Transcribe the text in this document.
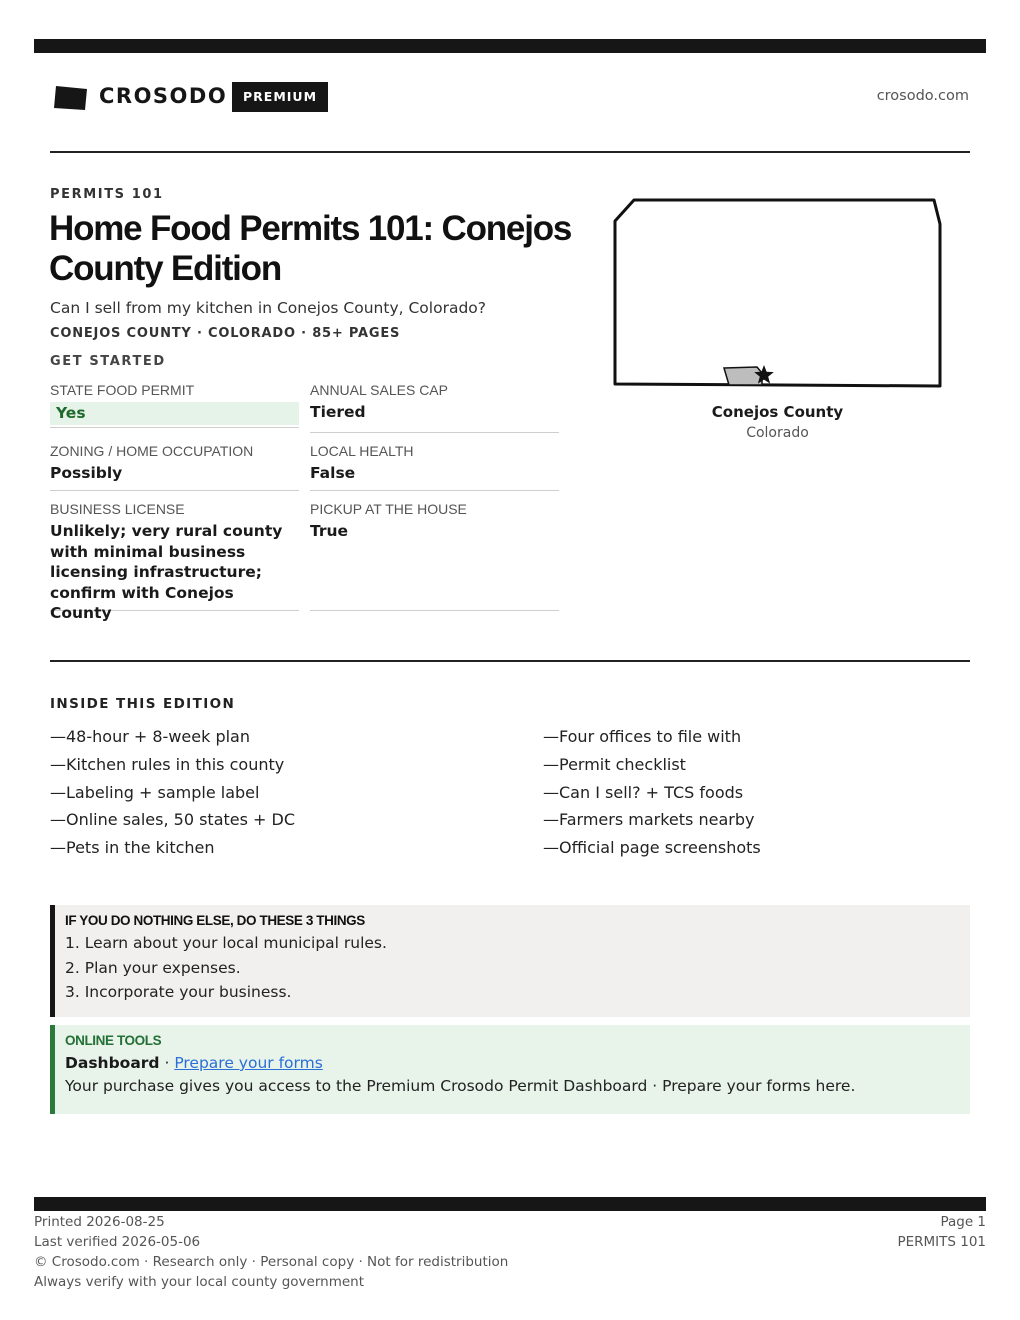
CROSODO	PREMIUM	crosodo.com
PERMITS 101
Home Food Permits 101: Conejos County Edition
Can I sell from my kitchen in Conejos County, Colorado?
CONEJOS COUNTY · COLORADO · 85+ PAGES
GET STARTED
STATE FOOD PERMIT
Yes
ANNUAL SALES CAP
Tiered
ZONING / HOME OCCUPATION
Possibly
LOCAL HEALTH
False
BUSINESS LICENSE
Unlikely; very rural county with minimal business licensing infrastructure; confirm with Conejos County
PICKUP AT THE HOUSE
True
Conejos County
Colorado
INSIDE THIS EDITION
—48-hour + 8-week plan
—Kitchen rules in this county
—Labeling + sample label
—Online sales, 50 states + DC
—Pets in the kitchen
—Four offices to file with
—Permit checklist
—Can I sell? + TCS foods
—Farmers markets nearby
—Official page screenshots
IF YOU DO NOTHING ELSE, DO THESE 3 THINGS
1. Learn about your local municipal rules.
2. Plan your expenses.
3. Incorporate your business.
ONLINE TOOLS
Dashboard · Prepare your forms
Your purchase gives you access to the Premium Crosodo Permit Dashboard · Prepare your forms here.
Printed 2026-08-25
Last verified 2026-05-06
© Crosodo.com · Research only · Personal copy · Not for redistribution
Always verify with your local county government
Page 1
PERMITS 101
